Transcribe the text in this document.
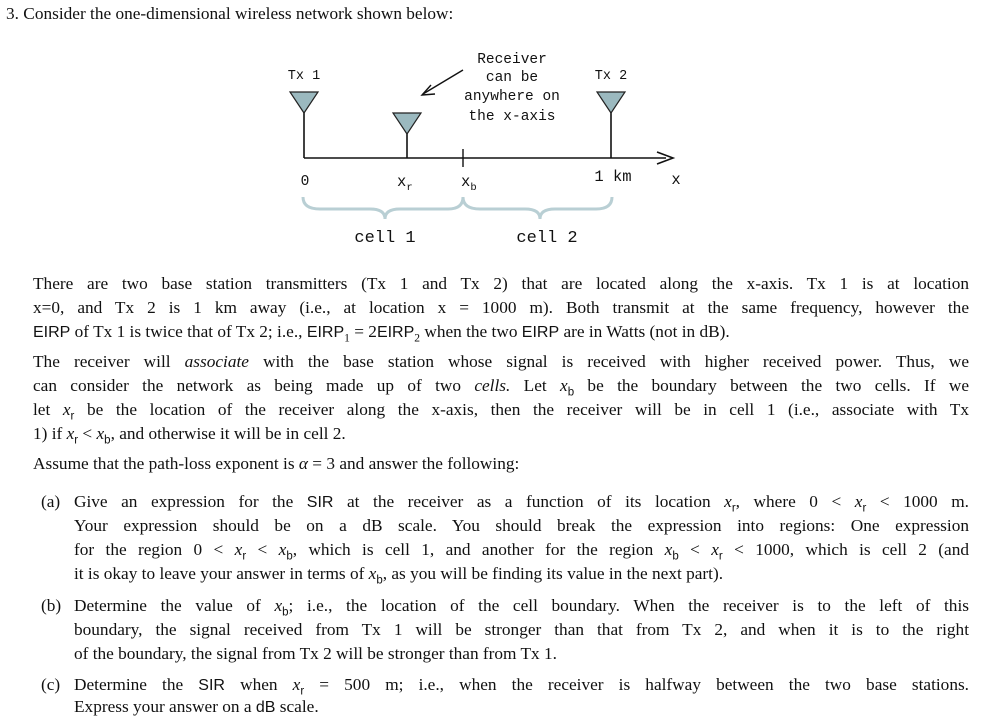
3. Consider the one-dimensional wireless network shown below:

Receiver
can be
anywhere on
the x-axis
Tx 1	Tx 2
0	$x_r$	$x_b$
1 km	x
cell 1	cell 2

There are two base station transmitters (Tx 1 and Tx 2) that are located along the x-axis. Tx 1 is at location

x=0, and Tx 2 is 1 km away (i.e., at location x = 1000 m). Both transmit at the same frequency, however the

EIRP of Tx 1 is twice that of Tx 2; i.e., $EIRP_1$ = $2EIRP_2$ when the two EIRP are in Watts (not in dB).

The receiver will associate with the base station whose signal is received with higher received power. Thus, we

can consider the network as being made up of two cells. Let $x_b$ be the boundary between the two cells. If we

let $x_r$ be the location of the receiver along the x-axis, then the receiver will be in cell 1 (i.e., associate with Tx

1) if $x_r < x_b$, and otherwise it will be in cell 2.

Assume that the path-loss exponent is α = 3 and answer the following:

(a) Give an expression for the SIR at the receiver as a function of its location $x_r$, where $0 < x_r < 1000$ m.

Your expression should be on a dB scale. You should break the expression into regions: One expression

for the region $0 < x_r < x_b$, which is cell 1, and another for the region $x_b < x_r < 1000$, which is cell 2 (and

it is okay to leave your answer in terms of $x_b$, as you will be finding its value in the next part).

(b) Determine the value of $x_b$; i.e., the location of the cell boundary. When the receiver is to the left of this

boundary, the signal received from Tx 1 will be stronger than that from Tx 2, and when it is to the right

of the boundary, the signal from Tx 2 will be stronger than from Tx 1.

(c) Determine the SIR when $x_r = 500$ m; i.e., when the receiver is halfway between the two base stations.

Express your answer on a dB scale.
